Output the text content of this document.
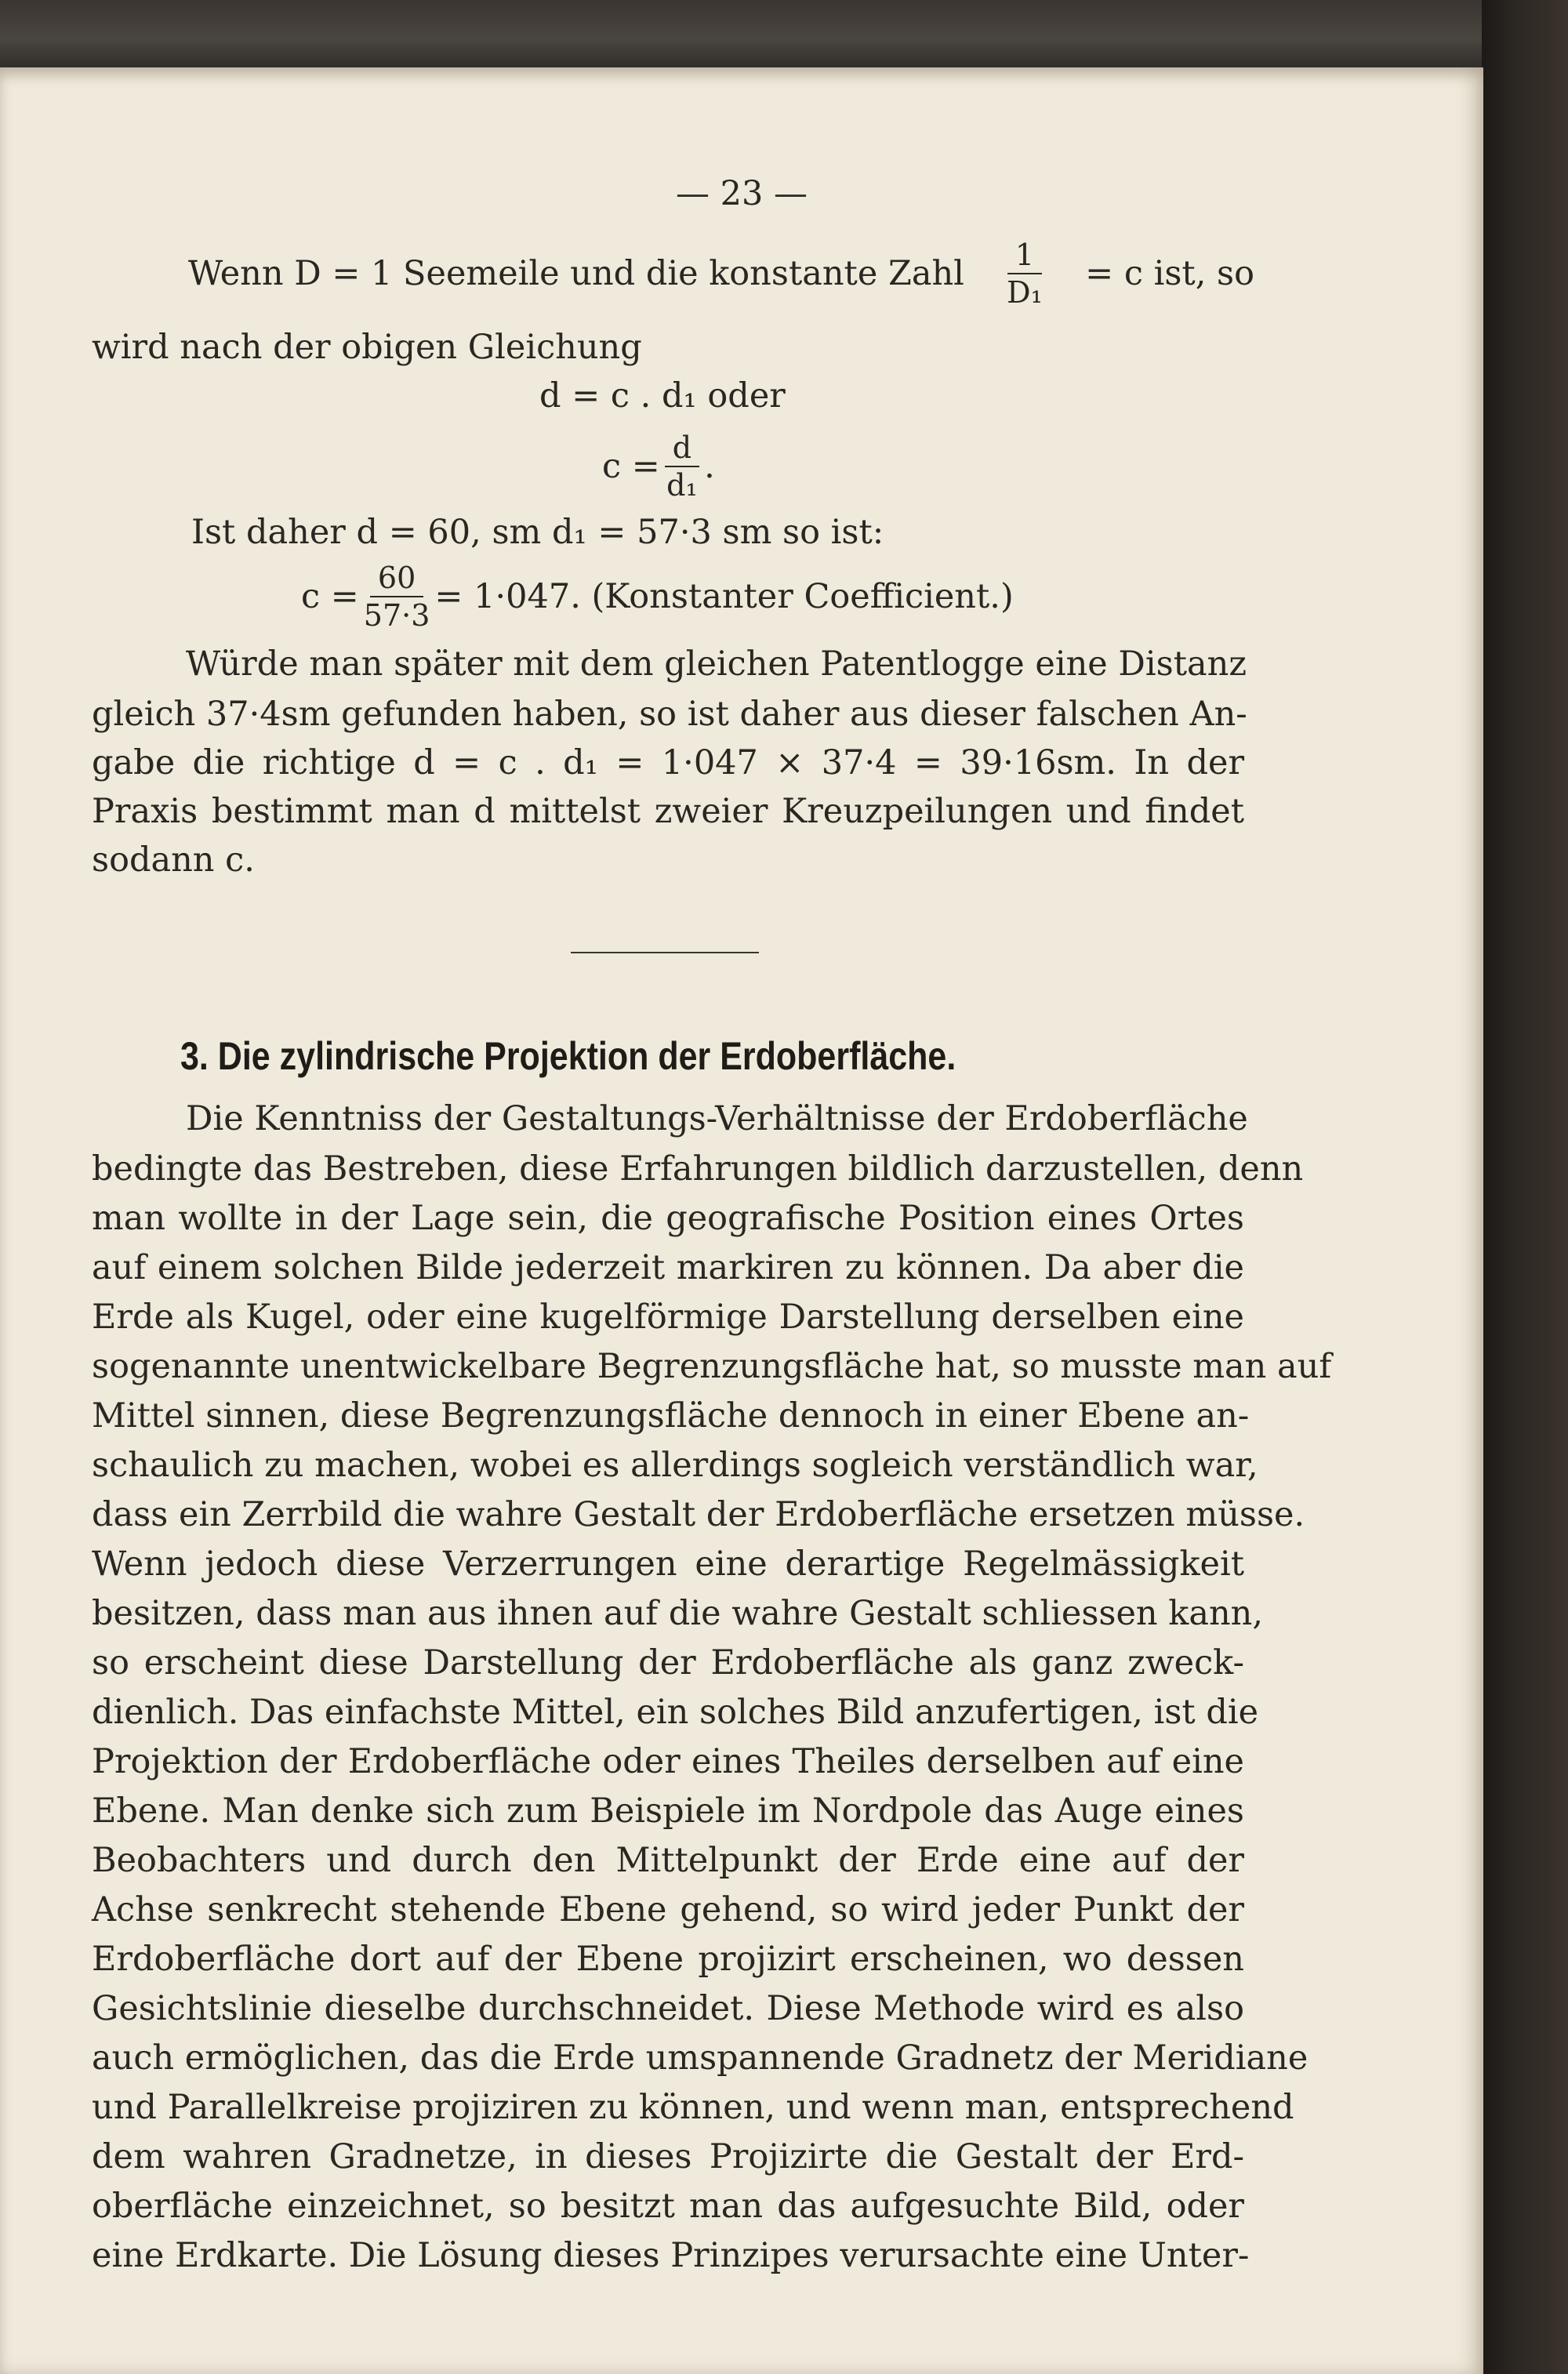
— 23 —
Wenn D = 1 Seemeile und die konstante Zahl $\frac{1}{\text{D₁}} = c$ ist, so
wird nach der obigen Gleichung
d = c . d₁ oder
$c = \frac{d}{\text{d₁}}$ .
Ist daher d = 60, sm d₁ = 57·3 sm so ist:
$c = \frac{60}{57\cdot 3} = 1\cdot 047$. (Konstanter Coefficient.)
Würde man später mit dem gleichen Patentlogge eine Distanz
gleich 37·4sm gefunden haben, so ist daher aus dieser falschen An-
gabe die richtige d = c . d₁ = 1·047 × 37·4 = 39·16sm. In der
Praxis bestimmt man d mittelst zweier Kreuzpeilungen und findet
sodann c.
3. Die zylindrische Projektion der Erdoberfläche.
Die Kenntniss der Gestaltungs-Verhältnisse der Erdoberfläche
bedingte das Bestreben, diese Erfahrungen bildlich darzustellen, denn
man wollte in der Lage sein, die geografische Position eines Ortes
auf einem solchen Bilde jederzeit markiren zu können. Da aber die
Erde als Kugel, oder eine kugelförmige Darstellung derselben eine
sogenannte unentwickelbare Begrenzungsfläche hat, so musste man auf
Mittel sinnen, diese Begrenzungsfläche dennoch in einer Ebene an-
schaulich zu machen, wobei es allerdings sogleich verständlich war,
dass ein Zerrbild die wahre Gestalt der Erdoberfläche ersetzen müsse.
Wenn jedoch diese Verzerrungen eine derartige Regelmässigkeit
besitzen, dass man aus ihnen auf die wahre Gestalt schliessen kann,
so erscheint diese Darstellung der Erdoberfläche als ganz zweck-
dienlich. Das einfachste Mittel, ein solches Bild anzufertigen, ist die
Projektion der Erdoberfläche oder eines Theiles derselben auf eine
Ebene. Man denke sich zum Beispiele im Nordpole das Auge eines
Beobachters und durch den Mittelpunkt der Erde eine auf der
Achse senkrecht stehende Ebene gehend, so wird jeder Punkt der
Erdoberfläche dort auf der Ebene projizirt erscheinen, wo dessen
Gesichtslinie dieselbe durchschneidet. Diese Methode wird es also
auch ermöglichen, das die Erde umspannende Gradnetz der Meridiane
und Parallelkreise projiziren zu können, und wenn man, entsprechend
dem wahren Gradnetze, in dieses Projizirte die Gestalt der Erd-
oberfläche einzeichnet, so besitzt man das aufgesuchte Bild, oder
eine Erdkarte. Die Lösung dieses Prinzipes verursachte eine Unter-
